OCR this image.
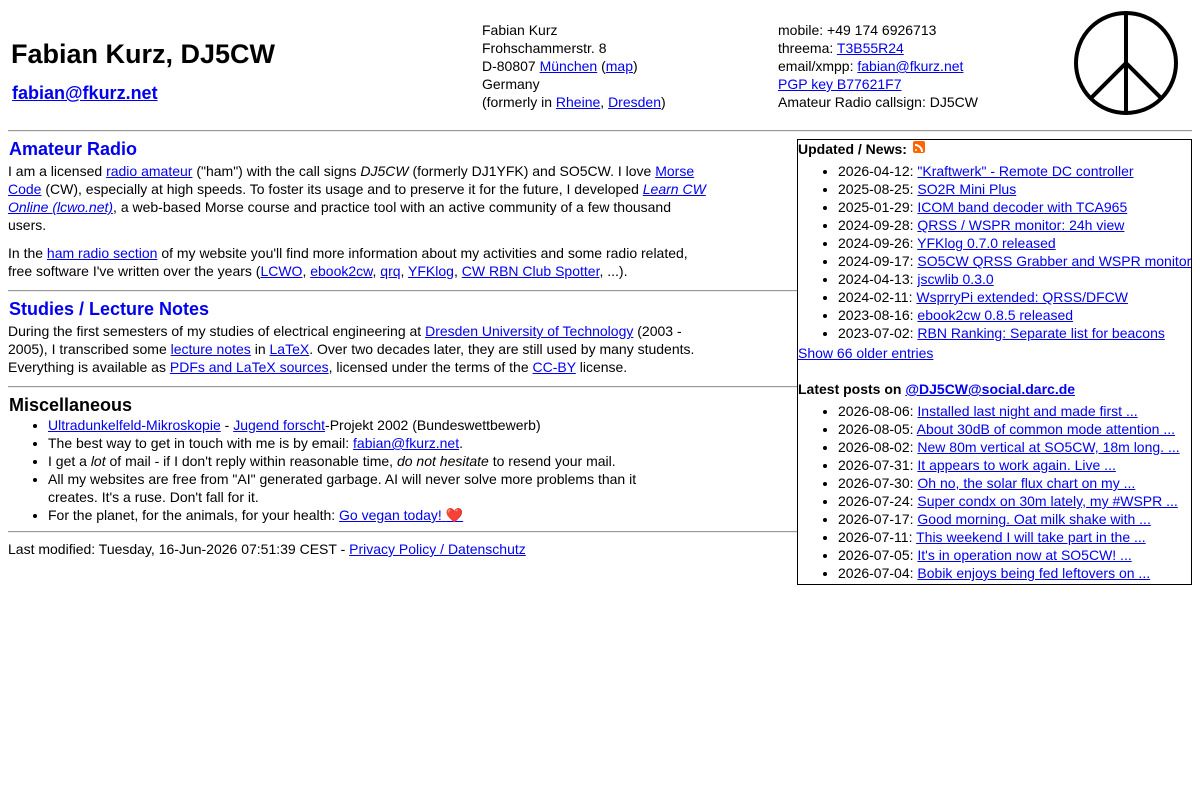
Fabian Kurz, DJ5CW
fabian@fkurz.net
Fabian Kurz
Frohschammerstr. 8
D-80807 München (map)
Germany
(formerly in Rheine, Dresden)
mobile: +49 174 6926713
threema: T3B55R24
email/xmpp: fabian@fkurz.net
PGP key B77621F7
Amateur Radio callsign: DJ5CW
Amateur Radio
I am a licensed radio amateur ("ham") with the call signs DJ5CW (formerly DJ1YFK) and SO5CW. I love Morse Code (CW), especially at high speeds. To foster its usage and to preserve it for the future, I developed Learn CW Online (lcwo.net), a web-based Morse course and practice tool with an active community of a few thousand users.
In the ham radio section of my website you'll find more information about my activities and some radio related, free software I've written over the years (LCWO, ebook2cw, qrq, YFKlog, CW RBN Club Spotter, ...).
Studies / Lecture Notes
During the first semesters of my studies of electrical engineering at Dresden University of Technology (2003 - 2005), I transcribed some lecture notes in LaTeX. Over two decades later, they are still used by many students. Everything is available as PDFs and LaTeX sources, licensed under the terms of the CC-BY license.
Miscellaneous
• Ultradunkelfeld-Mikroskopie - Jugend forscht-Projekt 2002 (Bundeswettbewerb)
• The best way to get in touch with me is by email: fabian@fkurz.net.
• I get a lot of mail - if I don't reply within reasonable time, do not hesitate to resend your mail.
• All my websites are free from "AI" generated garbage. AI will never solve more problems than it creates. It's a ruse. Don't fall for it.
• For the planet, for the animals, for your health: Go vegan today! ❤️
Last modified: Tuesday, 16-Jun-2026 07:51:39 CEST - Privacy Policy / Datenschutz
Updated / News:
• 2026-04-12: "Kraftwerk" - Remote DC controller
• 2025-08-25: SO2R Mini Plus
• 2025-01-29: ICOM band decoder with TCA965
• 2024-09-28: QRSS / WSPR monitor: 24h view
• 2024-09-26: YFKlog 0.7.0 released
• 2024-09-17: SO5CW QRSS Grabber and WSPR monitor
• 2024-04-13: jscwlib 0.3.0
• 2024-02-11: WsprryPi extended: QRSS/DFCW
• 2023-08-16: ebook2cw 0.8.5 released
• 2023-07-02: RBN Ranking: Separate list for beacons
Show 66 older entries
Latest posts on @DJ5CW@social.darc.de
• 2026-08-06: Installed last night and made first ...
• 2026-08-05: About 30dB of common mode attention ...
• 2026-08-02: New 80m vertical at SO5CW, 18m long. ...
• 2026-07-31: It appears to work again. Live ...
• 2026-07-30: Oh no, the solar flux chart on my ...
• 2026-07-24: Super condx on 30m lately, my #WSPR ...
• 2026-07-17: Good morning. Oat milk shake with ...
• 2026-07-11: This weekend I will take part in the ...
• 2026-07-05: It's in operation now at SO5CW! ...
• 2026-07-04: Bobik enjoys being fed leftovers on ...
